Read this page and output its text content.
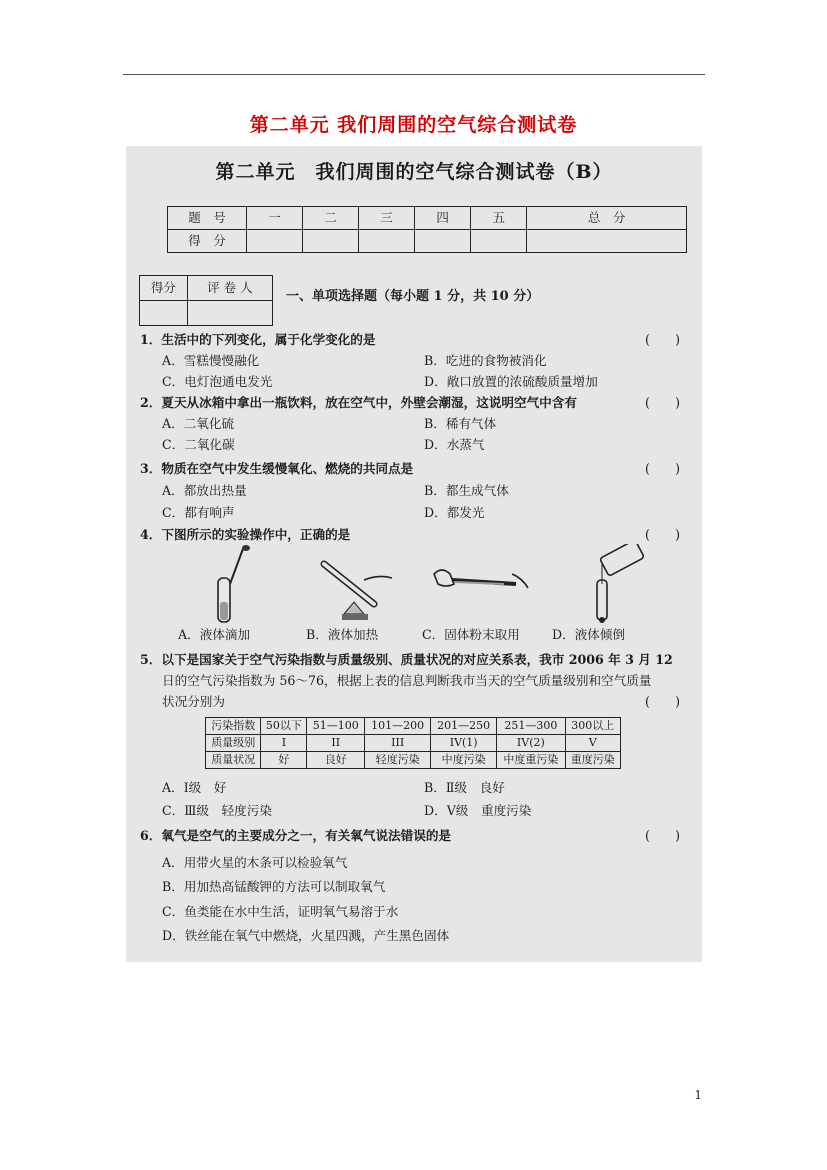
第二单元 我们周围的空气综合测试卷
第二单元　我们周围的空气综合测试卷（B）
题　号	一	二	三	四	五	总　分
得　分						
得分	评 卷 人

一、单项选择题（每小题 1 分，共 10 分）
1．生活中的下列变化，属于化学变化的是	(　　)
A．雪糕慢慢融化	B．吃进的食物被消化
C．电灯泡通电发光	D．敞口放置的浓硫酸质量增加
2．夏天从冰箱中拿出一瓶饮料，放在空气中，外壁会潮湿，这说明空气中含有	(　　)
A．二氧化硫	B．稀有气体
C．二氧化碳	D．水蒸气
3．物质在空气中发生缓慢氧化、燃烧的共同点是	(　　)
A．都放出热量	B．都生成气体
C．都有响声	D．都发光
4．下图所示的实验操作中，正确的是	(　　)
A．液体滴加	B．液体加热	C．固体粉末取用	D．液体倾倒
5．以下是国家关于空气污染指数与质量级别、质量状况的对应关系表，我市 2006 年 3 月 12
日的空气污染指数为 56～76，根据上表的信息判断我市当天的空气质量级别和空气质量
状况分别为	(　　)
污染指数	50以下	51—100	101—200	201—250	251—300	300以上
质量级别	I	II	III	IV(1)	IV(2)	V
质量状况	好	良好	轻度污染	中度污染	中度重污染	重度污染
A．Ⅰ级　好	B．Ⅱ级　良好
C．Ⅲ级　轻度污染	D．Ⅴ级　重度污染
6．氧气是空气的主要成分之一，有关氧气说法错误的是	(　　)
A．用带火星的木条可以检验氧气
B．用加热高锰酸钾的方法可以制取氧气
C．鱼类能在水中生活，证明氧气易溶于水
D．铁丝能在氧气中燃烧，火星四溅，产生黑色固体
1
